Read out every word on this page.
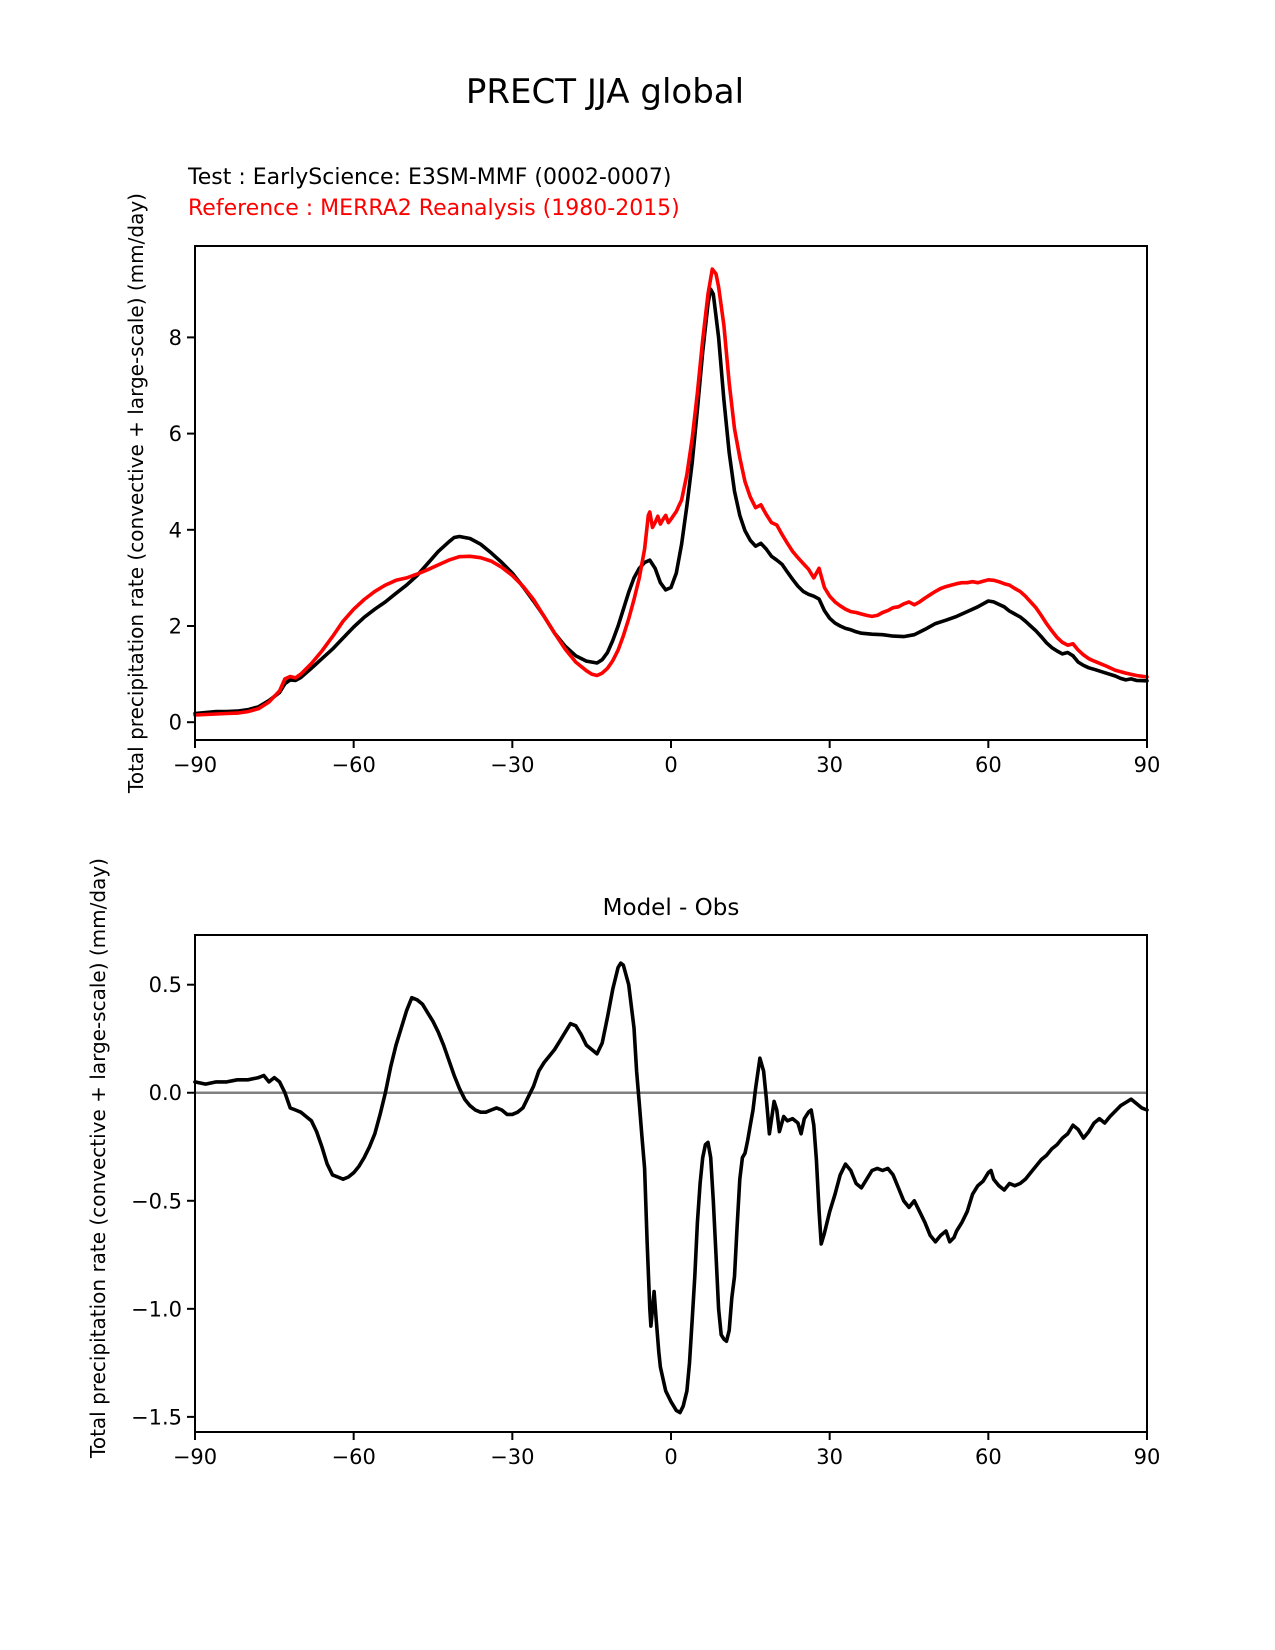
PRECT JJA global
Test : EarlyScience: E3SM-MMF (0002-0007)
Reference : MERRA2 Reanalysis (1980-2015)
Total precipitation rate (convective + large-scale) (mm/day)
Total precipitation rate (convective + large-scale) (mm/day)	Model - Obs
−90	−60	−30	0	30	60	90
0
2
4
6
8
−90	−60	−30	0	30	60	90
0.5
0.0
−0.5
−1.0
−1.5
